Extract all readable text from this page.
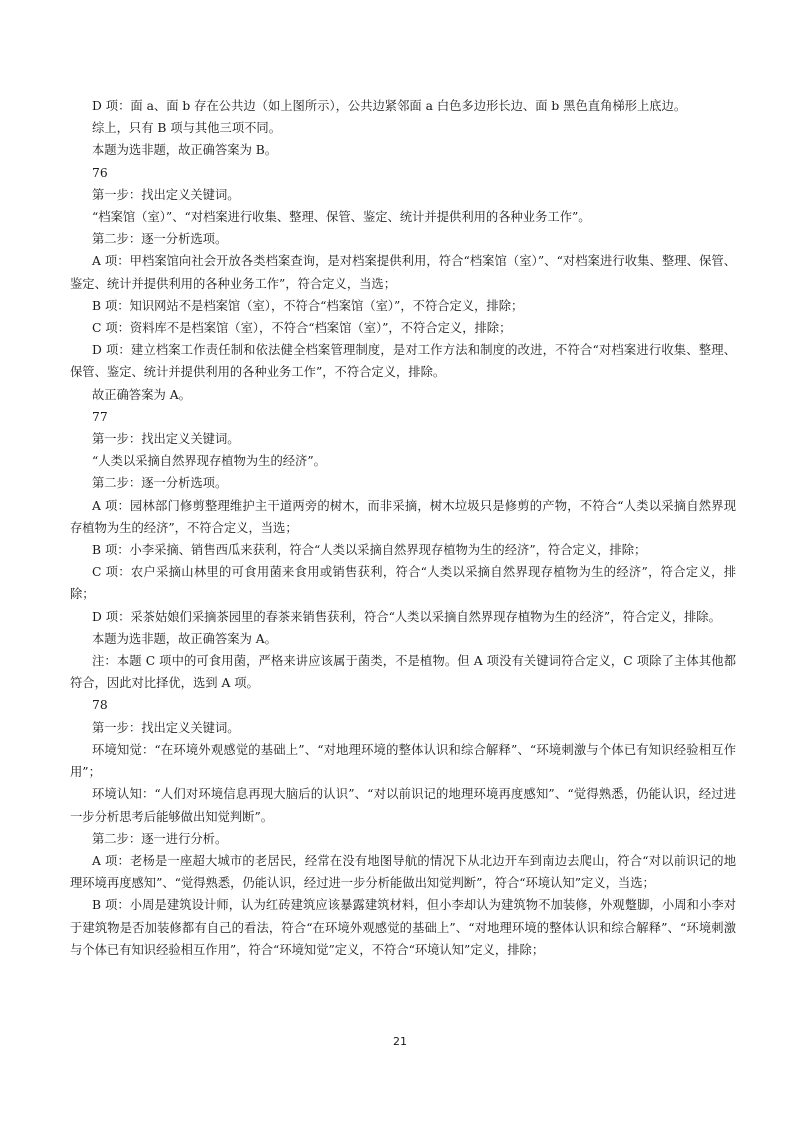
D 项：面 a、面 b 存在公共边（如上图所示），公共边紧邻面 a 白色多边形长边、面 b 黑色直角梯形上底边。

综上，只有 B 项与其他三项不同。

本题为选非题，故正确答案为 B。

76

第一步：找出定义关键词。

“档案馆（室）”、“对档案进行收集、整理、保管、鉴定、统计并提供利用的各种业务工作”。

第二步：逐一分析选项。

A 项：甲档案馆向社会开放各类档案查询，是对档案提供利用，符合“档案馆（室）”、“对档案进行收集、整理、保管、鉴定、统计并提供利用的各种业务工作”，符合定义，当选；

B 项：知识网站不是档案馆（室），不符合“档案馆（室）”，不符合定义，排除；

C 项：资料库不是档案馆（室），不符合“档案馆（室）”，不符合定义，排除；

D 项：建立档案工作责任制和依法健全档案管理制度，是对工作方法和制度的改进，不符合“对档案进行收集、整理、保管、鉴定、统计并提供利用的各种业务工作”，不符合定义，排除。

故正确答案为 A。

77

第一步：找出定义关键词。

“人类以采摘自然界现存植物为生的经济”。

第二步：逐一分析选项。

A 项：园林部门修剪整理维护主干道两旁的树木，而非采摘，树木垃圾只是修剪的产物，不符合“人类以采摘自然界现存植物为生的经济”，不符合定义，当选；

B 项：小李采摘、销售西瓜来获利，符合“人类以采摘自然界现存植物为生的经济”，符合定义，排除；

C 项：农户采摘山林里的可食用菌来食用或销售获利，符合“人类以采摘自然界现存植物为生的经济”，符合定义，排除；

D 项：采茶姑娘们采摘茶园里的春茶来销售获利，符合“人类以采摘自然界现存植物为生的经济”，符合定义，排除。

本题为选非题，故正确答案为 A。

注：本题 C 项中的可食用菌，严格来讲应该属于菌类，不是植物。但 A 项没有关键词符合定义，C 项除了主体其他都符合，因此对比择优，选到 A 项。

78

第一步：找出定义关键词。

环境知觉：“在环境外观感觉的基础上”、“对地理环境的整体认识和综合解释”、“环境刺激与个体已有知识经验相互作用”；

环境认知：“人们对环境信息再现大脑后的认识”、“对以前识记的地理环境再度感知”、“觉得熟悉，仍能认识，经过进一步分析思考后能够做出知觉判断”。

第二步：逐一进行分析。

A 项：老杨是一座超大城市的老居民，经常在没有地图导航的情况下从北边开车到南边去爬山，符合“对以前识记的地理环境再度感知”、“觉得熟悉，仍能认识，经过进一步分析能做出知觉判断”，符合“环境认知”定义，当选；

B 项：小周是建筑设计师，认为红砖建筑应该暴露建筑材料，但小李却认为建筑物不加装修，外观蹩脚，小周和小李对于建筑物是否加装修都有自己的看法，符合“在环境外观感觉的基础上”、“对地理环境的整体认识和综合解释”、“环境刺激与个体已有知识经验相互作用”，符合“环境知觉”定义，不符合“环境认知”定义，排除；

21
